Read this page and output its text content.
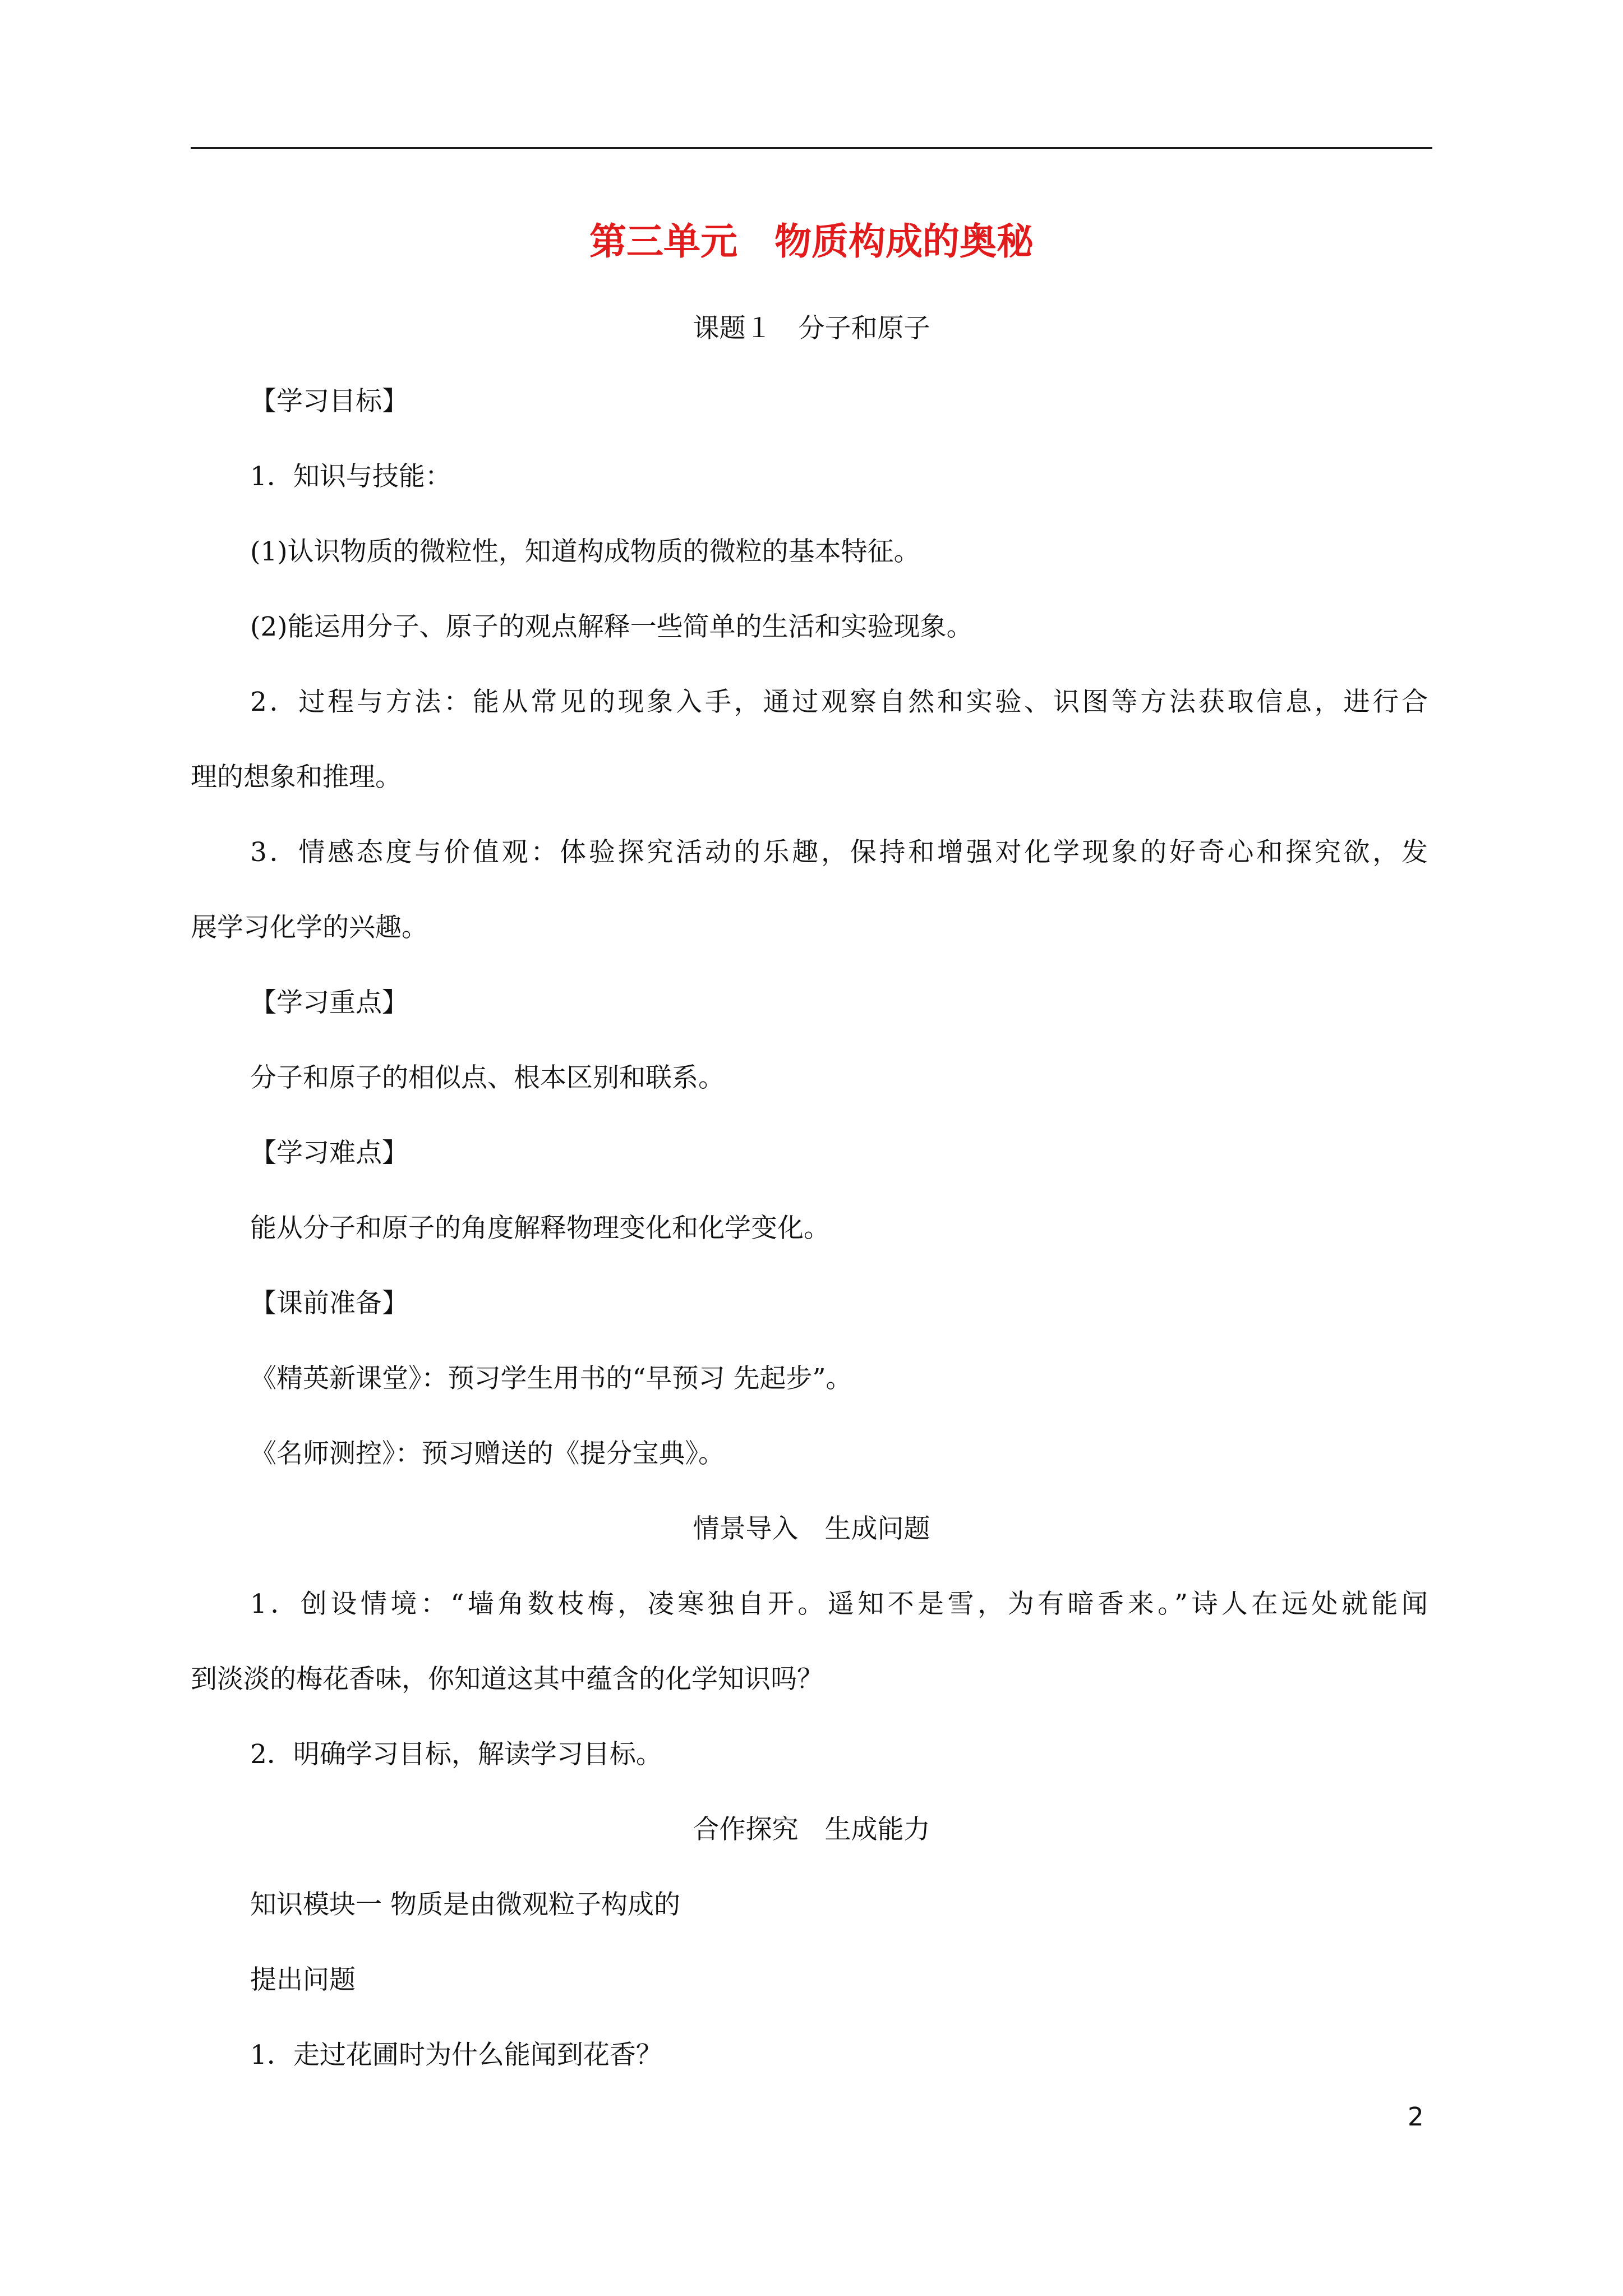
第三单元　物质构成的奥秘
课题１　分子和原子
【学习目标】
1．知识与技能：
(1)认识物质的微粒性，知道构成物质的微粒的基本特征。
(2)能运用分子、原子的观点解释一些简单的生活和实验现象。
2．过程与方法：能从常见的现象入手，通过观察自然和实验、识图等方法获取信息，进行合
理的想象和推理。
3．情感态度与价值观：体验探究活动的乐趣，保持和增强对化学现象的好奇心和探究欲，发
展学习化学的兴趣。
【学习重点】
分子和原子的相似点、根本区别和联系。
【学习难点】
能从分子和原子的角度解释物理变化和化学变化。
【课前准备】
《精英新课堂》：预习学生用书的“早预习 先起步”。
《名师测控》：预习赠送的《提分宝典》。
情景导入　生成问题
1．创设情境：“墙角数枝梅，凌寒独自开。遥知不是雪，为有暗香来。”诗人在远处就能闻
到淡淡的梅花香味，你知道这其中蕴含的化学知识吗？
2．明确学习目标，解读学习目标。
合作探究　生成能力
知识模块一 物质是由微观粒子构成的
提出问题
1．走过花圃时为什么能闻到花香？
2
